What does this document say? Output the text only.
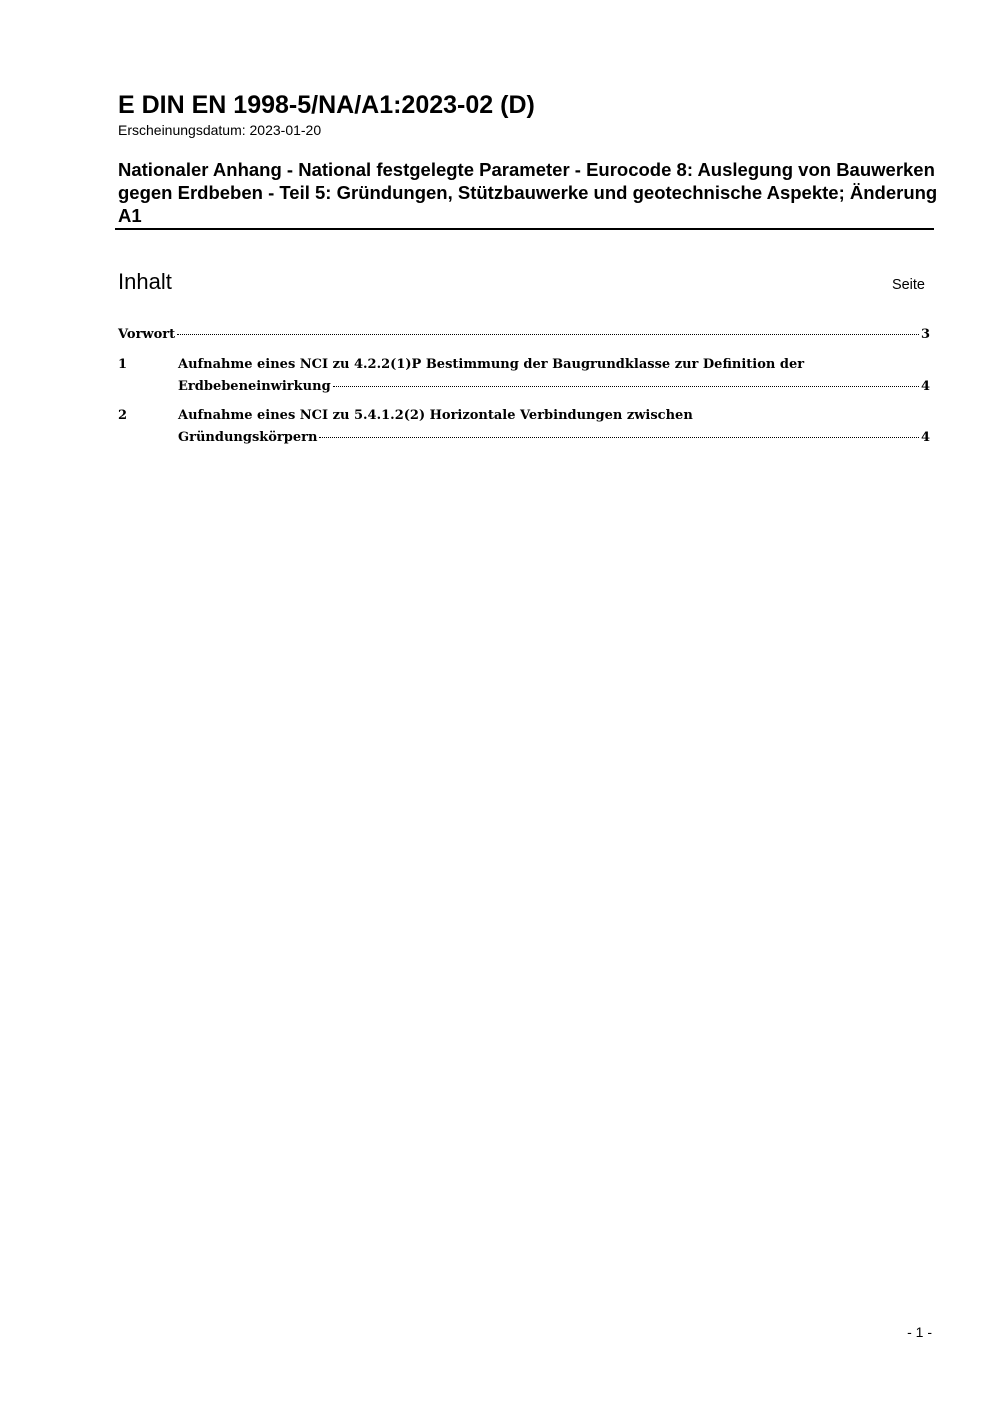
E DIN EN 1998-5/NA/A1:2023-02 (D)
Erscheinungsdatum: 2023-01-20
Nationaler Anhang - National festgelegte Parameter - Eurocode 8: Auslegung von Bauwerken gegen Erdbeben - Teil 5: Gründungen, Stützbauwerke und geotechnische Aspekte; Änderung A1
Inhalt	Seite
Vorwort	3
1	Aufnahme eines NCI zu 4.2.2(1)P Bestimmung der Baugrundklasse zur Definition der
Erdbebeneinwirkung	4
2	Aufnahme eines NCI zu 5.4.1.2(2) Horizontale Verbindungen zwischen
Gründungskörpern	4
- 1 -
